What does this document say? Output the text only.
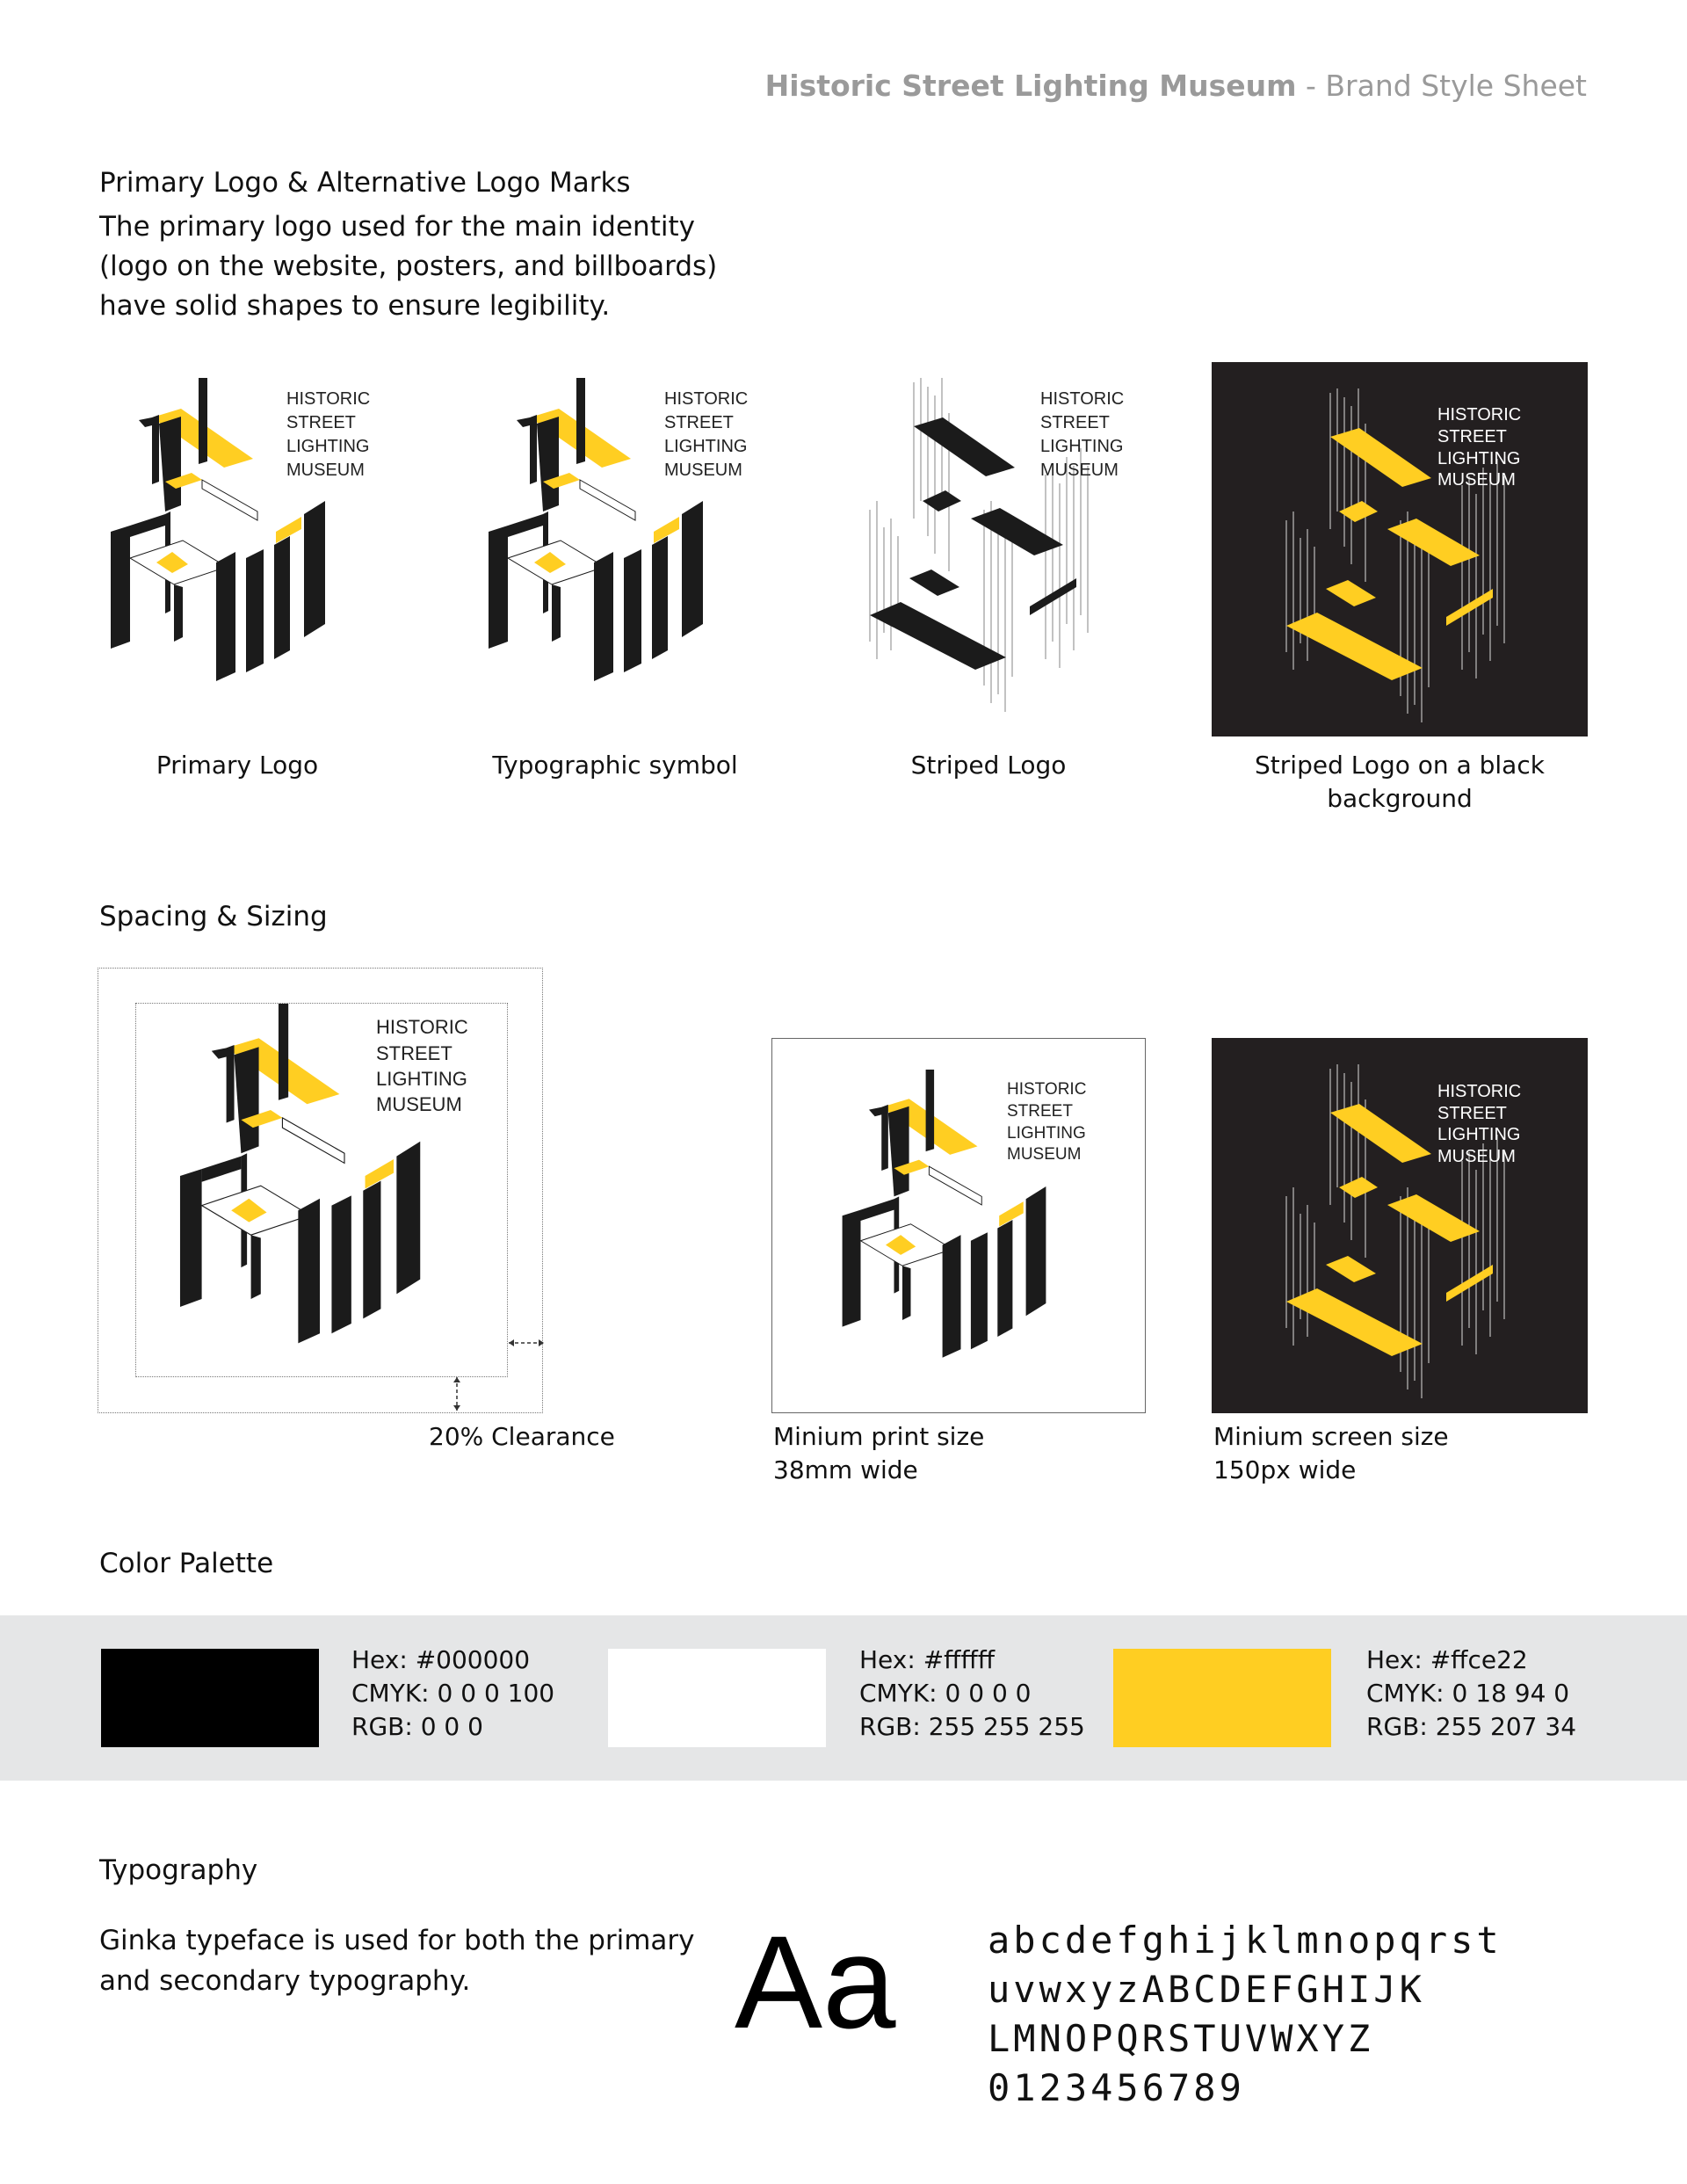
Historic Street Lighting Museum - Brand Style Sheet
Primary Logo & Alternative Logo Marks
The primary logo used for the main identity
(logo on the website, posters, and billboards)
have solid shapes to ensure legibility.
HISTORIC
STREET
LIGHTING
MUSEUM
Primary Logo
HISTORIC
STREET
LIGHTING
MUSEUM
Typographic symbol
HISTORIC
STREET
LIGHTING
MUSEUM
Striped Logo
HISTORIC
STREET
LIGHTING
MUSEUM
Striped Logo on a black
background
Spacing & Sizing
HISTORIC
STREET
LIGHTING
MUSEUM
20% Clearance
HISTORIC
STREET
LIGHTING
MUSEUM
Minium print size
38mm wide
HISTORIC
STREET
LIGHTING
MUSEUM
Minium screen size
150px wide
Color Palette
Hex: #000000
CMYK: 0 0 0 100
RGB: 0 0 0
Hex: #ffffff
CMYK: 0 0 0 0
RGB: 255 255 255
Hex: #ffce22
CMYK: 0 18 94 0
RGB: 255 207 34
Typography
Ginka typeface is used for both the primary
and secondary typography.	Aa abcdefghijklmnopqrst
uvwxyzABCDEFGHIJK
LMNOPQRSTUVWXYZ
0123456789
